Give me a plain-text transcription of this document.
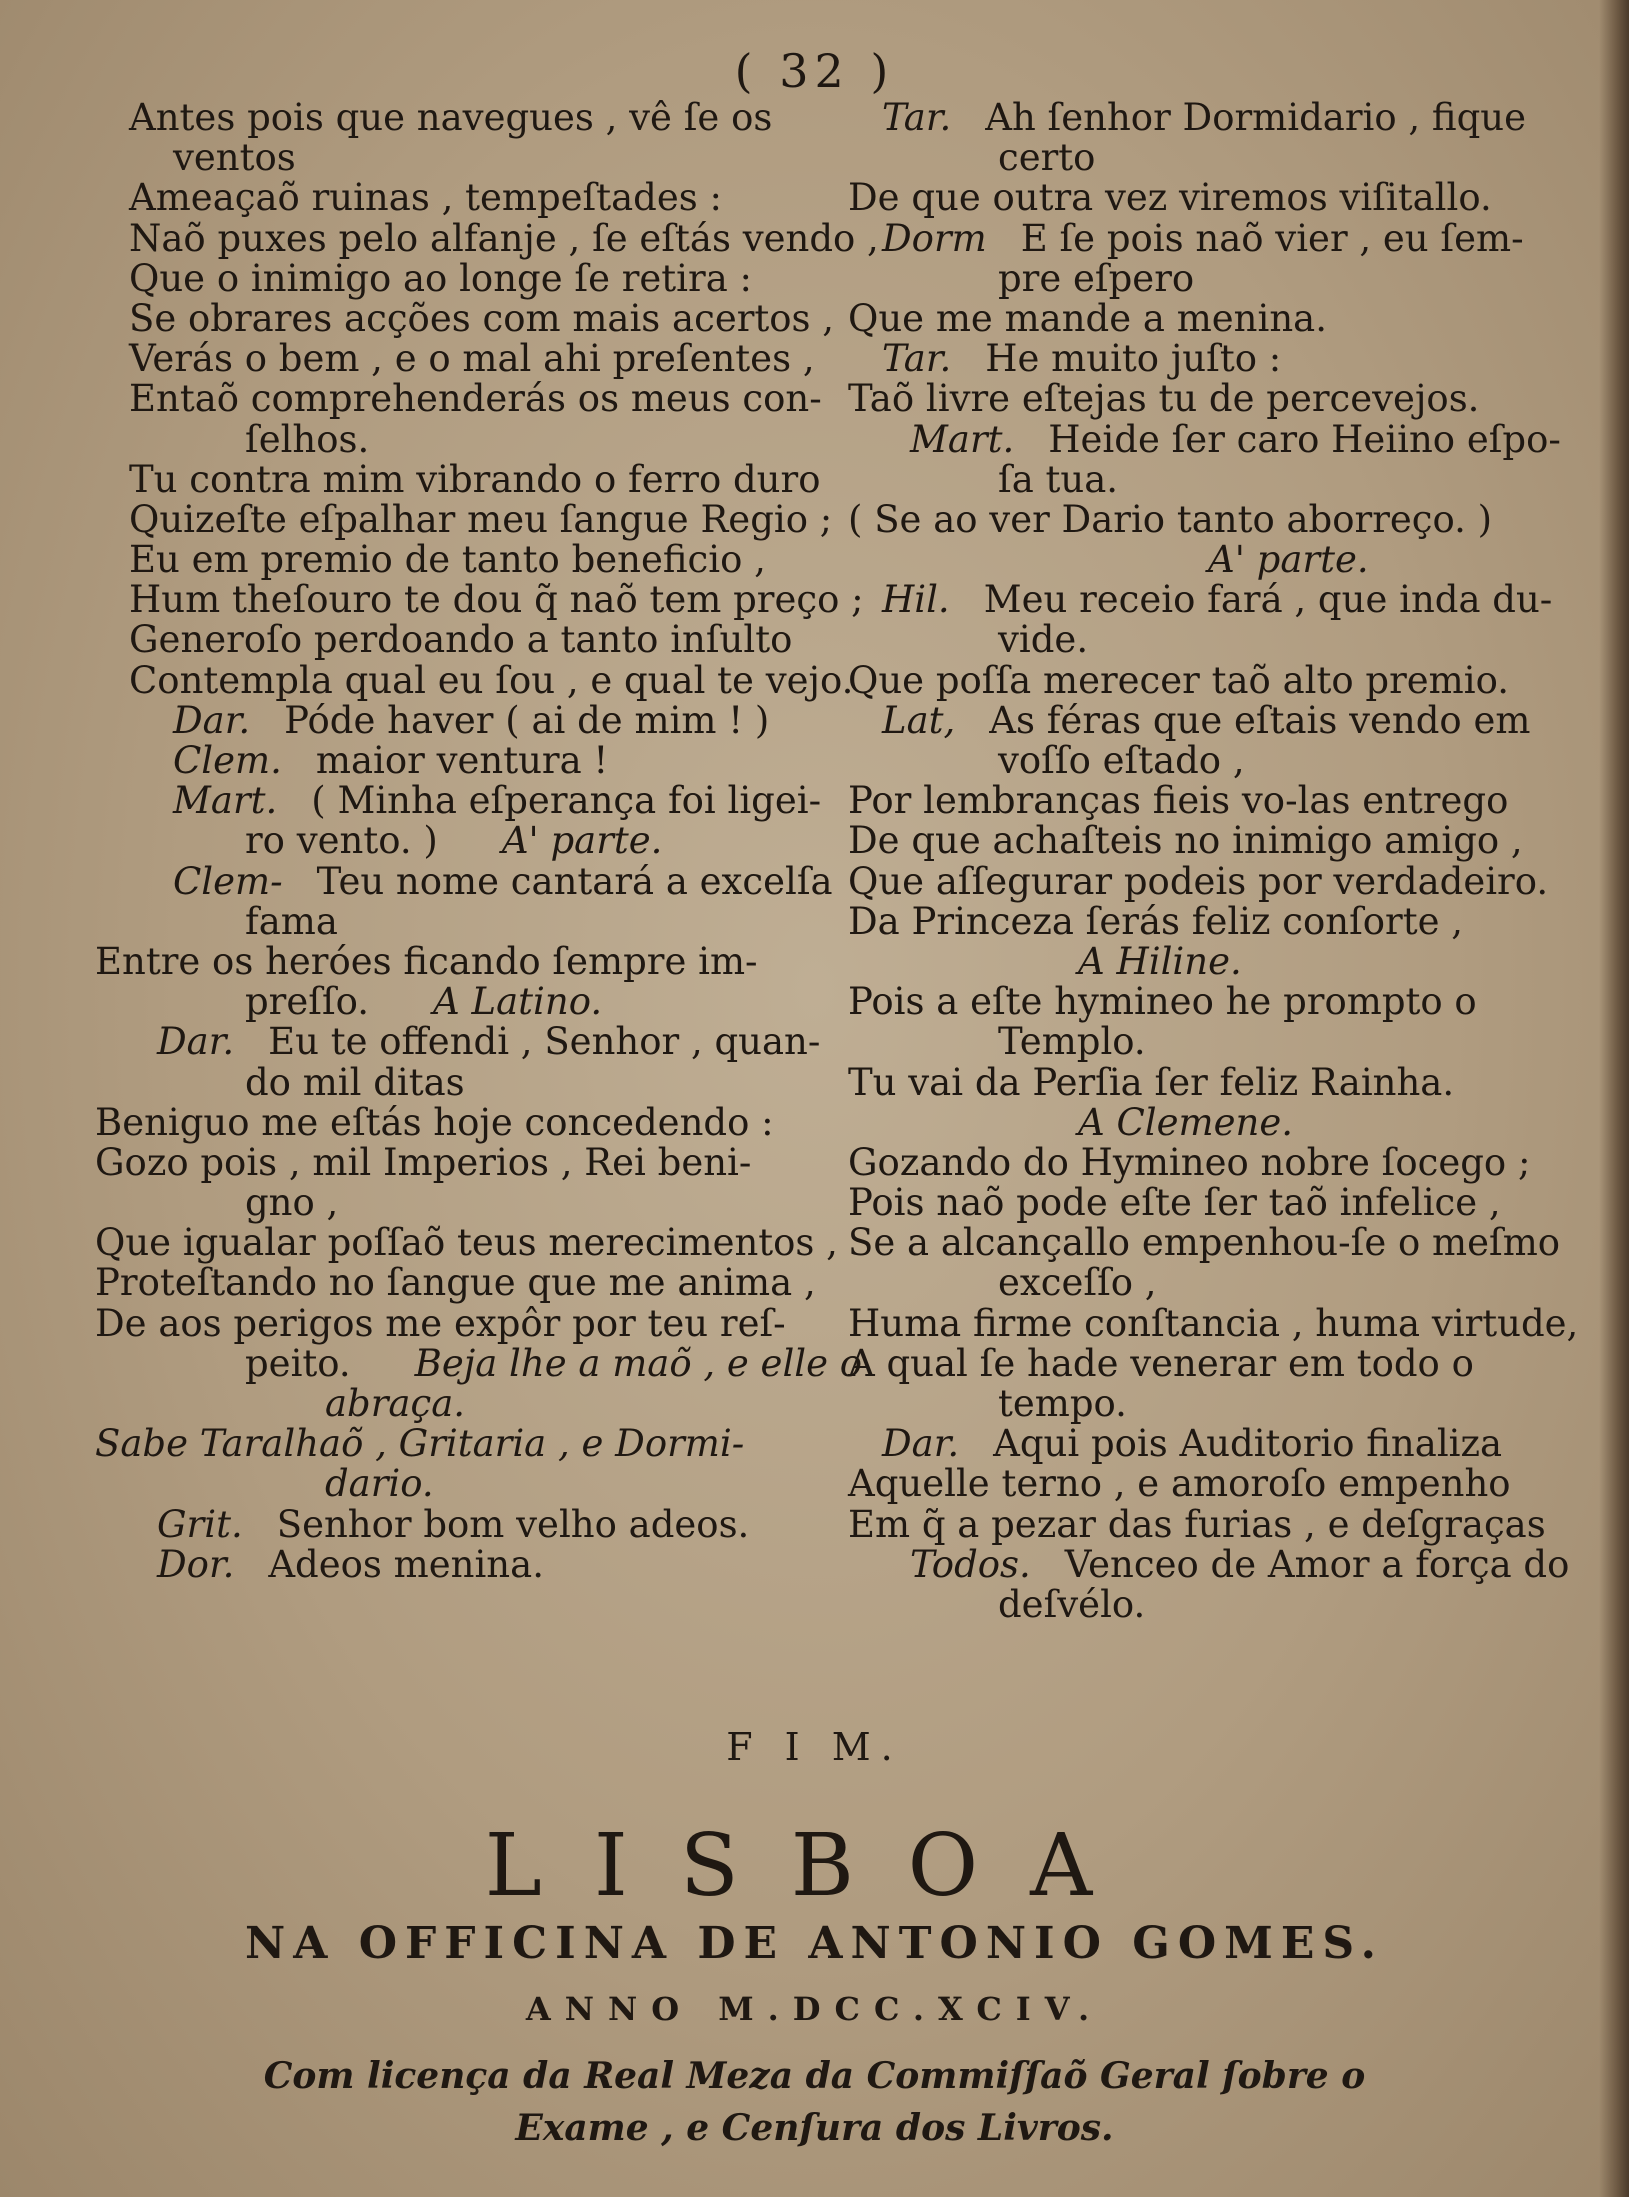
( 32 )
Antes pois que navegues , vê ſe os
ventos
Ameaçaõ ruinas , tempeſtades :
Naõ puxes pelo alfanje , ſe eſtás vendo ,
Que o inimigo ao longe ſe retira :
Se obrares acções com mais acertos ,
Verás o bem , e o mal ahi preſentes ,
Entaõ comprehenderás os meus con-
ſelhos.
Tu contra mim vibrando o ferro duro
Quizeſte eſpalhar meu ſangue Regio ;
Eu em premio de tanto beneficio ,
Hum theſouro te dou q̃ naõ tem preço ;
Generoſo perdoando a tanto inſulto
Contempla qual eu ſou , e qual te vejo.
Dar. Póde haver ( ai de mim ! )
Clem. maior ventura !
Mart. ( Minha eſperança foi ligei-
ro vento. ) A' parte.
Clem- Teu nome cantará a excelſa
fama
Entre os heróes ficando ſempre im-
preſſo. A Latino.
Dar. Eu te offendi , Senhor , quan-
do mil ditas
Beniguo me eſtás hoje concedendo :
Gozo pois , mil Imperios , Rei beni-
gno ,
Que igualar poſſaõ teus merecimentos ,
Proteſtando no ſangue que me anima ,
De aos perigos me expôr por teu reſ-
peito. Beja lhe a maõ , e elle o
abraça.
Sabe Taralhaõ , Gritaria , e Dormi-
dario.
Grit. Senhor bom velho adeos.
Dor. Adeos menina.
Tar. Ah ſenhor Dormidario , fique
certo
De que outra vez viremos viſitallo.
Dorm E ſe pois naõ vier , eu ſem-
pre eſpero
Que me mande a menina.
Tar. He muito juſto :
Taõ livre eſtejas tu de percevejos.
Mart. Heide ſer caro Heiino eſpo-
ſa tua.
( Se ao ver Dario tanto aborreço. )
A' parte.
Hil. Meu receio fará , que inda du-
vide.
Que poſſa merecer taõ alto premio.
Lat, As féras que eſtais vendo em
voſſo eſtado ,
Por lembranças fieis vo-las entrego
De que achaſteis no inimigo amigo ,
Que aſſegurar podeis por verdadeiro.
Da Princeza ſerás feliz conſorte ,
A Hiline.
Pois a eſte hymineo he prompto o
Templo.
Tu vai da Perſia ſer feliz Rainha.
A Clemene.
Gozando do Hymineo nobre ſocego ;
Pois naõ pode eſte ſer taõ infelice ,
Se a alcançallo empenhou-ſe o meſmo
exceſſo ,
Huma firme conſtancia , huma virtude,
A qual ſe hade venerar em todo o
tempo.
Dar. Aqui pois Auditorio finaliza
Aquelle terno , e amoroſo empenho
Em q̃ a pezar das furias , e deſgraças
Todos. Venceo de Amor a força do
deſvélo.
F I M.
LISBOA
NA OFFICINA DE ANTONIO GOMES.
ANNO M.DCC.XCIV.
Com licença da Real Meza da Commiſſaõ Geral ſobre o
Exame , e Cenſura dos Livros.
